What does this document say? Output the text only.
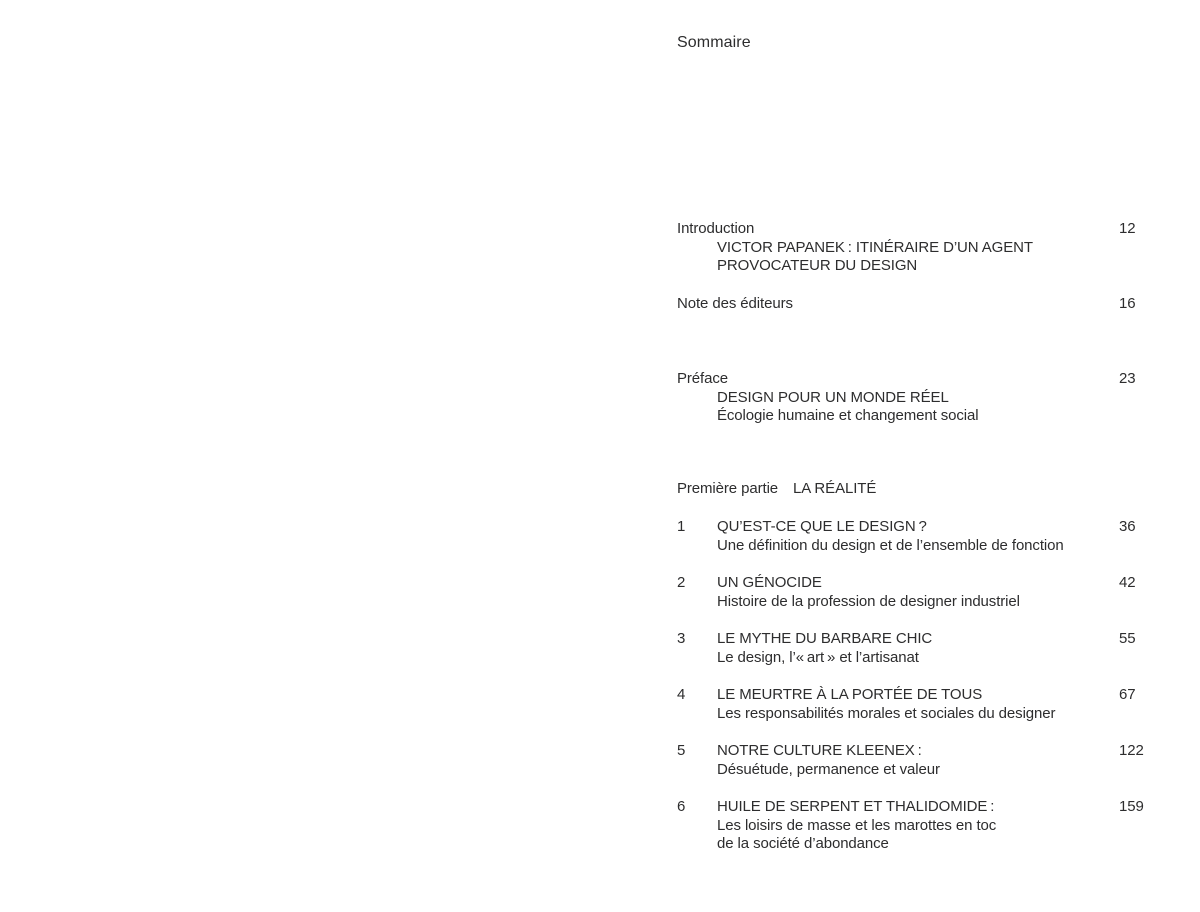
Sommaire
Introduction	12
VICTOR PAPANEK : ITINÉRAIRE D’UN AGENT
PROVOCATEUR DU DESIGN
Note des éditeurs	16
Préface	23
DESIGN POUR UN MONDE RÉEL
Écologie humaine et changement social
Première partie LA RÉALITÉ
1	QU’EST-CE QUE LE DESIGN ?	36
Une définition du design et de l’ensemble de fonction
2	UN GÉNOCIDE	42
Histoire de la profession de designer industriel
3	LE MYTHE DU BARBARE CHIC	55
Le design, l’« art » et l’artisanat
4	LE MEURTRE À LA PORTÉE DE TOUS	67
Les responsabilités morales et sociales du designer
5	NOTRE CULTURE KLEENEX :	122
Désuétude, permanence et valeur
6	HUILE DE SERPENT ET THALIDOMIDE :	159
Les loisirs de masse et les marottes en toc
de la société d’abondance
